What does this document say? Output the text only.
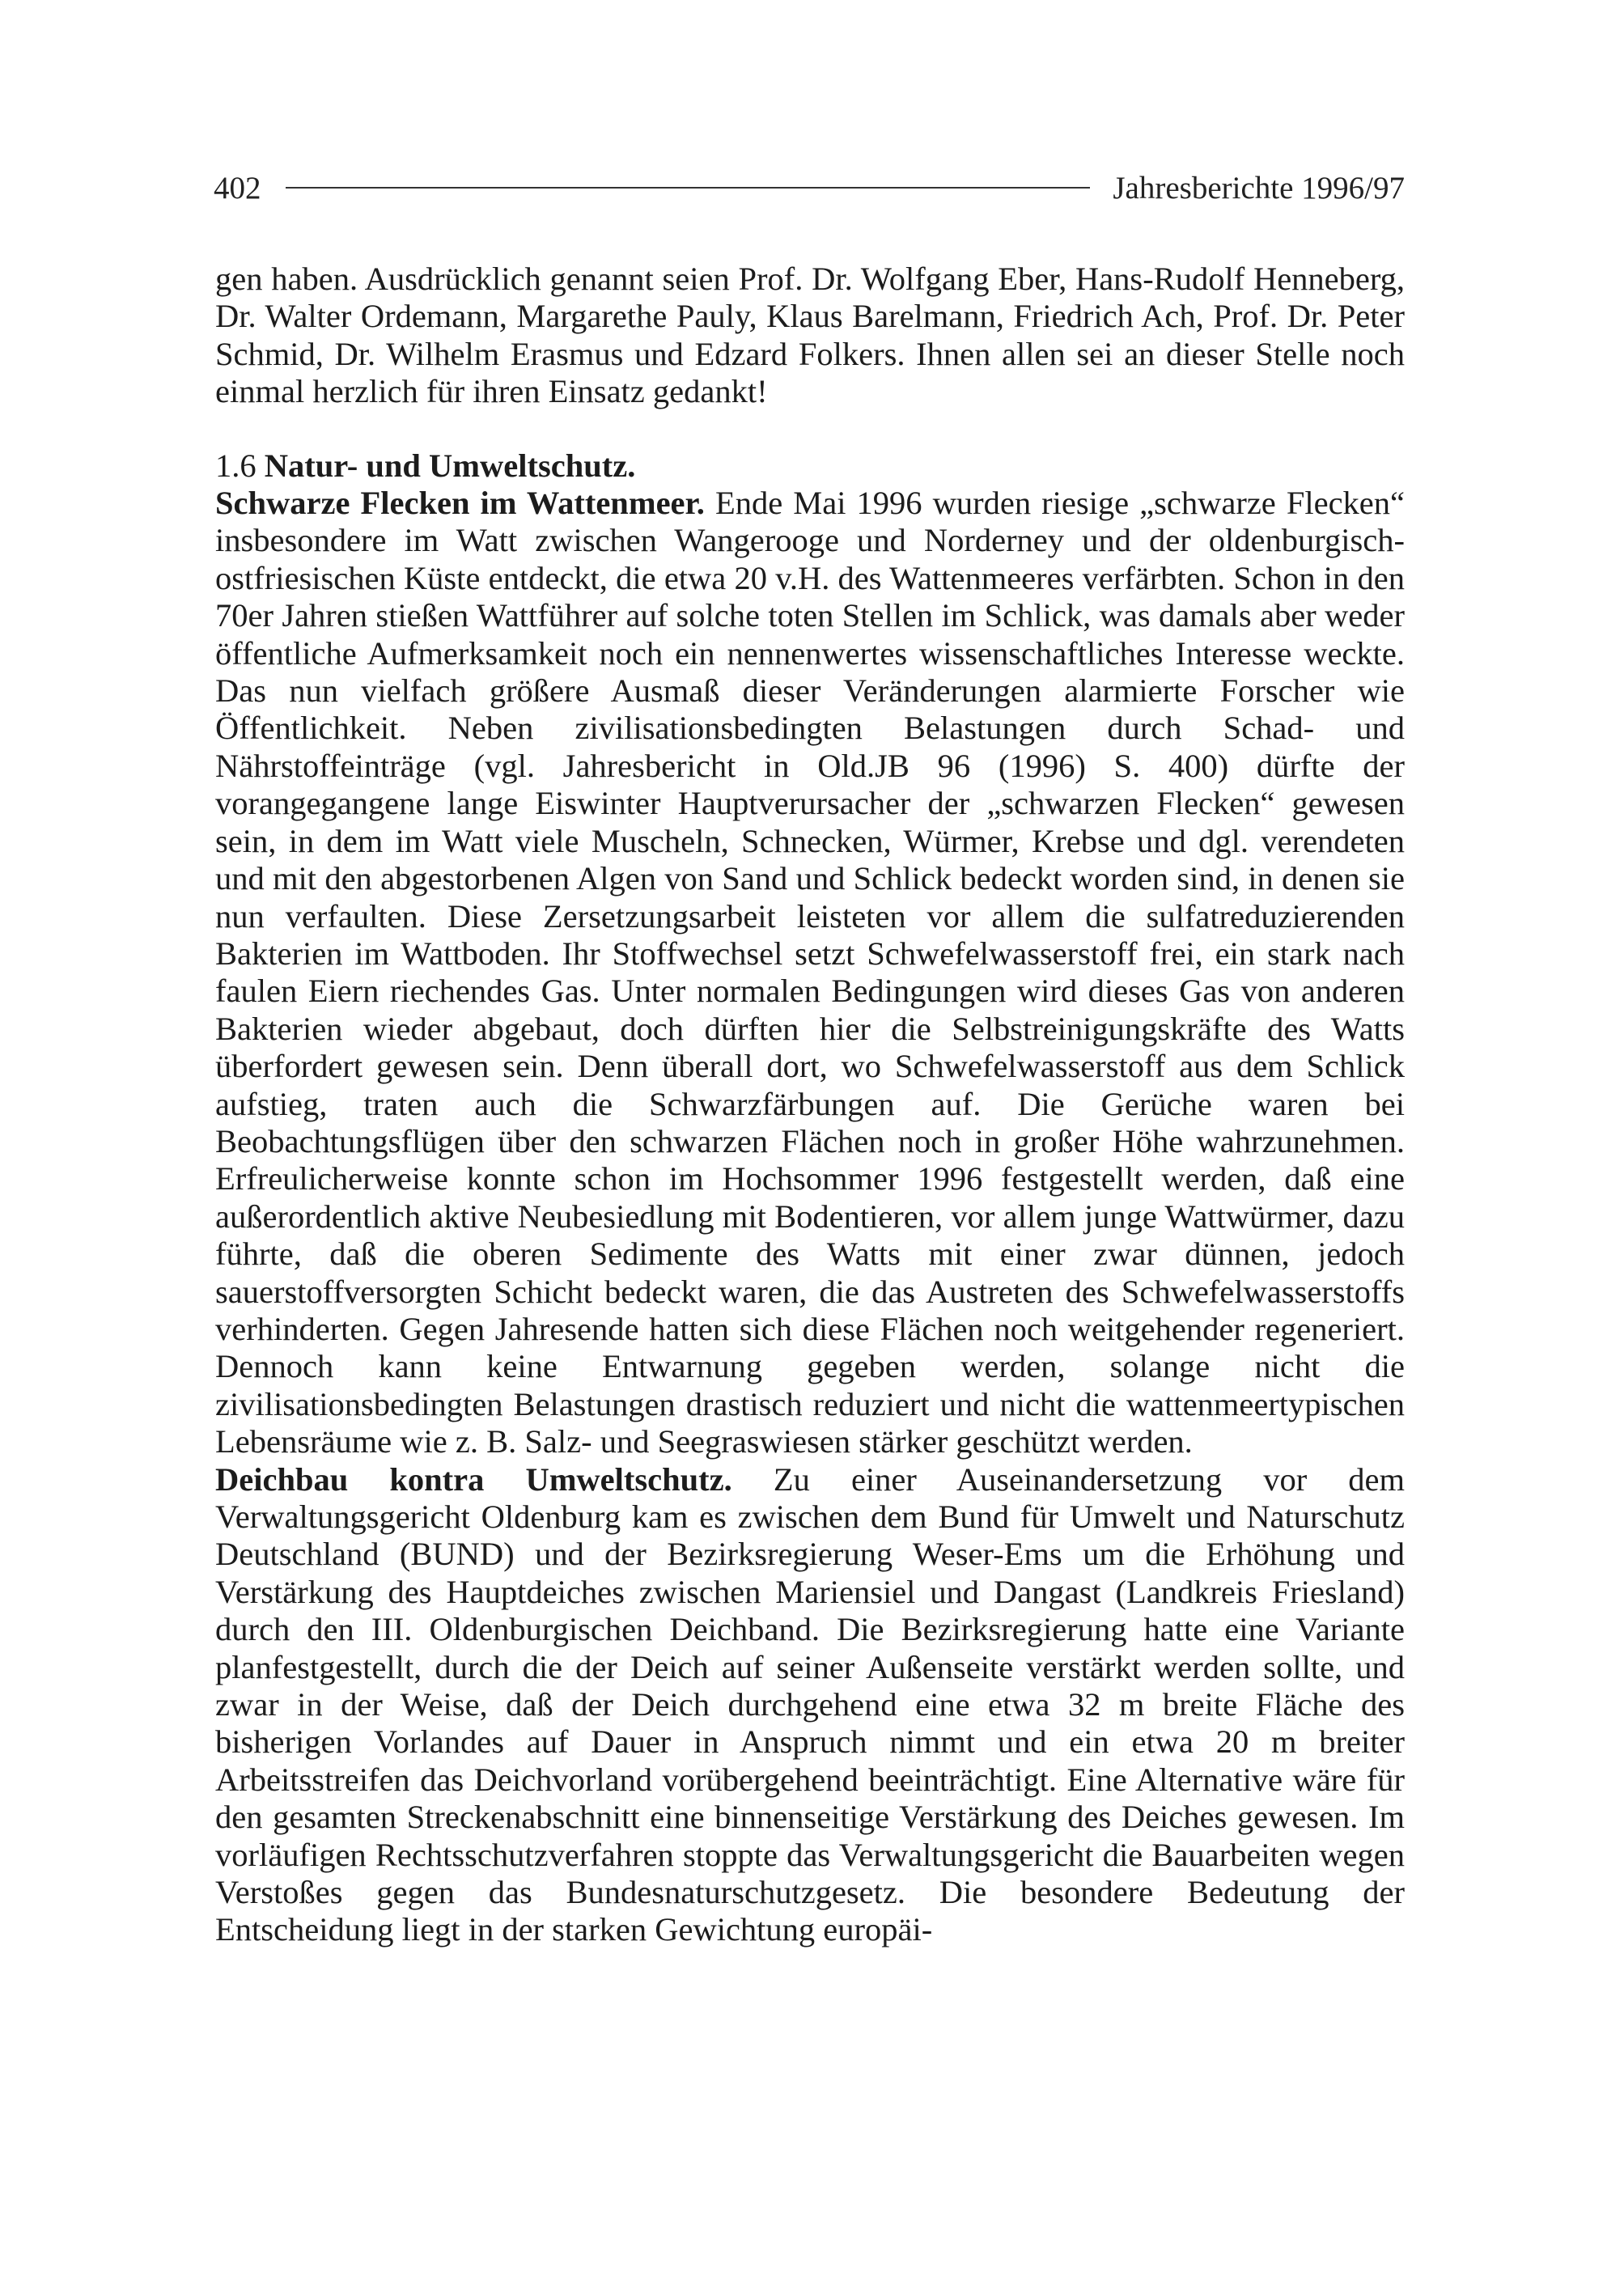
402	Jahresberichte 1996/97

gen haben. Ausdrücklich genannt seien Prof. Dr. Wolfgang Eber, Hans-Rudolf Henneberg, Dr. Walter Ordemann, Margarethe Pauly, Klaus Barelmann, Friedrich Ach, Prof. Dr. Peter Schmid, Dr. Wilhelm Erasmus und Edzard Folkers. Ihnen allen sei an dieser Stelle noch einmal herzlich für ihren Einsatz gedankt!

1.6 Natur- und Umweltschutz.

Schwarze Flecken im Wattenmeer. Ende Mai 1996 wurden riesige „schwarze Flecken“ insbesondere im Watt zwischen Wangerooge und Norderney und der oldenburgisch-ostfriesischen Küste entdeckt, die etwa 20 v.H. des Wattenmeeres verfärbten. Schon in den 70er Jahren stießen Wattführer auf solche toten Stellen im Schlick, was damals aber weder öffentliche Aufmerksamkeit noch ein nennenwertes wissenschaftliches Interesse weckte. Das nun vielfach größere Ausmaß dieser Veränderungen alarmierte Forscher wie Öffentlichkeit. Neben zivilisationsbedingten Belastungen durch Schad- und Nährstoffeinträge (vgl. Jahresbericht in Old.JB 96 (1996) S. 400) dürfte der vorangegangene lange Eiswinter Hauptverursacher der „schwarzen Flecken“ gewesen sein, in dem im Watt viele Muscheln, Schnecken, Würmer, Krebse und dgl. verendeten und mit den abgestorbenen Algen von Sand und Schlick bedeckt worden sind, in denen sie nun verfaulten. Diese Zersetzungsarbeit leisteten vor allem die sulfatreduzierenden Bakterien im Wattboden. Ihr Stoffwechsel setzt Schwefelwasserstoff frei, ein stark nach faulen Eiern riechendes Gas. Unter normalen Bedingungen wird dieses Gas von anderen Bakterien wieder abgebaut, doch dürften hier die Selbstreinigungskräfte des Watts überfordert gewesen sein. Denn überall dort, wo Schwefelwasserstoff aus dem Schlick aufstieg, traten auch die Schwarzfärbungen auf. Die Gerüche waren bei Beobachtungsflügen über den schwarzen Flächen noch in großer Höhe wahrzunehmen. Erfreulicherweise konnte schon im Hochsommer 1996 festgestellt werden, daß eine außerordentlich aktive Neubesiedlung mit Bodentieren, vor allem junge Wattwürmer, dazu führte, daß die oberen Sedimente des Watts mit einer zwar dünnen, jedoch sauerstoffversorgten Schicht bedeckt waren, die das Austreten des Schwefelwasserstoffs verhinderten. Gegen Jahresende hatten sich diese Flächen noch weitgehender regeneriert. Dennoch kann keine Entwarnung gegeben werden, solange nicht die zivilisationsbedingten Belastungen drastisch reduziert und nicht die wattenmeertypischen Lebensräume wie z. B. Salz- und Seegraswiesen stärker geschützt werden.

Deichbau kontra Umweltschutz. Zu einer Auseinandersetzung vor dem Verwaltungsgericht Oldenburg kam es zwischen dem Bund für Umwelt und Naturschutz Deutschland (BUND) und der Bezirksregierung Weser-Ems um die Erhöhung und Verstärkung des Hauptdeiches zwischen Mariensiel und Dangast (Landkreis Friesland) durch den III. Oldenburgischen Deichband. Die Bezirksregierung hatte eine Variante planfestgestellt, durch die der Deich auf seiner Außenseite verstärkt werden sollte, und zwar in der Weise, daß der Deich durchgehend eine etwa 32 m breite Fläche des bisherigen Vorlandes auf Dauer in Anspruch nimmt und ein etwa 20 m breiter Arbeitsstreifen das Deichvorland vorübergehend beeinträchtigt. Eine Alternative wäre für den gesamten Streckenabschnitt eine binnenseitige Verstärkung des Deiches gewesen. Im vorläufigen Rechtsschutzverfahren stoppte das Verwaltungsgericht die Bauarbeiten wegen Verstoßes gegen das Bundesnaturschutzgesetz. Die besondere Bedeutung der Entscheidung liegt in der starken Gewichtung europäi-
